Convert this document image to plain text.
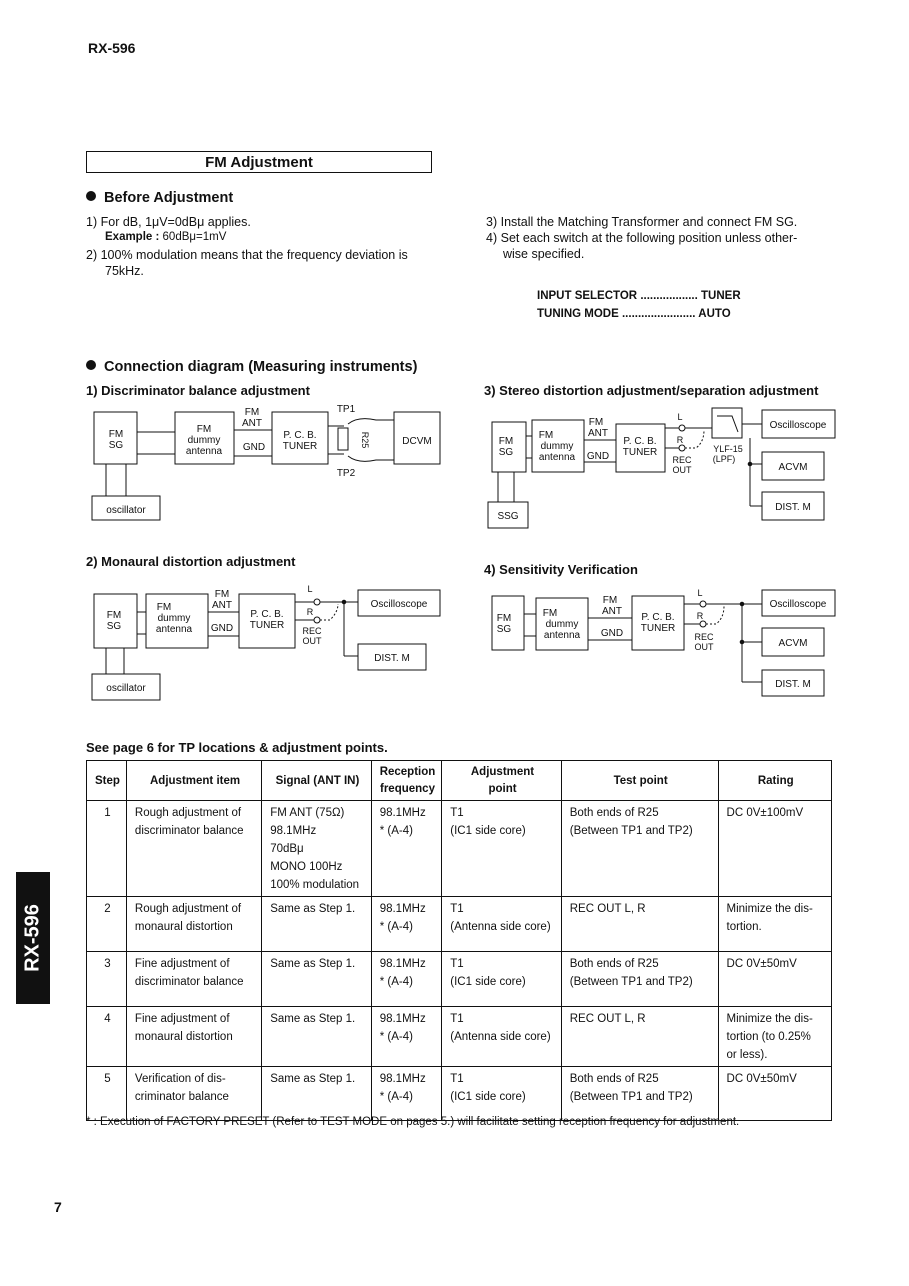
RX-596
FM Adjustment
Before Adjustment
1) For dB, 1μV=0dBμ applies.
Example : 60dBμ=1mV
2) 100% modulation means that the frequency deviation is
75kHz.
3) Install the Matching Transformer and connect FM SG.
4) Set each switch at the following position unless other-
wise specified.
INPUT SELECTOR .................. TUNER
TUNING MODE ....................... AUTO
Connection diagram (Measuring instruments)
1) Discriminator balance adjustment
FM
SG
FM
dummy
antenna
FM
ANT
GND
P. C. B.
TUNER
TP1
R25
TP2
DCVM
oscillator
2) Monaural distortion adjustment
FM
SG
FM
dummy
antenna
FM
ANT
GND
P. C. B.
TUNER
L
R
REC
OUT
Oscilloscope
DIST. M
oscillator
3) Stereo distortion adjustment/separation adjustment
FM
SG
FM
dummy
antenna
FM
ANT
GND
P. C. B.
TUNER
L
R
REC
OUT
YLF-15
(LPF)
Oscilloscope
ACVM
DIST. M
SSG
4) Sensitivity Verification
FM
SG
FM
dummy
antenna
FM
ANT
GND
P. C. B.
TUNER
L
R
REC
OUT
Oscilloscope
ACVM
DIST. M
See page 6 for TP locations & adjustment points.
Step	Adjustment item	Signal (ANT IN)	Reception
frequency	Adjustment
point	Test point	Rating
1	Rough adjustment of
discriminator balance	FM ANT (75Ω)
98.1MHz
70dBμ
MONO 100Hz
100% modulation	98.1MHz
* (A-4)	T1
(IC1 side core)	Both ends of R25
(Between TP1 and TP2)	DC 0V±100mV
2	Rough adjustment of
monaural distortion	Same as Step 1.	98.1MHz
* (A-4)	T1
(Antenna side core)	REC OUT L, R	Minimize the dis-
tortion.
3	Fine adjustment of
discriminator balance	Same as Step 1.	98.1MHz
* (A-4)	T1
(IC1 side core)	Both ends of R25
(Between TP1 and TP2)	DC 0V±50mV
4	Fine adjustment of
monaural distortion	Same as Step 1.	98.1MHz
* (A-4)	T1
(Antenna side core)	REC OUT L, R	Minimize the dis-
tortion (to 0.25%
or less).
5	Verification of dis-
criminator balance	Same as Step 1.	98.1MHz
* (A-4)	T1
(IC1 side core)	Both ends of R25
(Between TP1 and TP2)	DC 0V±50mV
* : Execution of FACTORY PRESET (Refer to TEST MODE on pages 5.) will facilitate setting reception frequency for adjustment.
RX-596
7
